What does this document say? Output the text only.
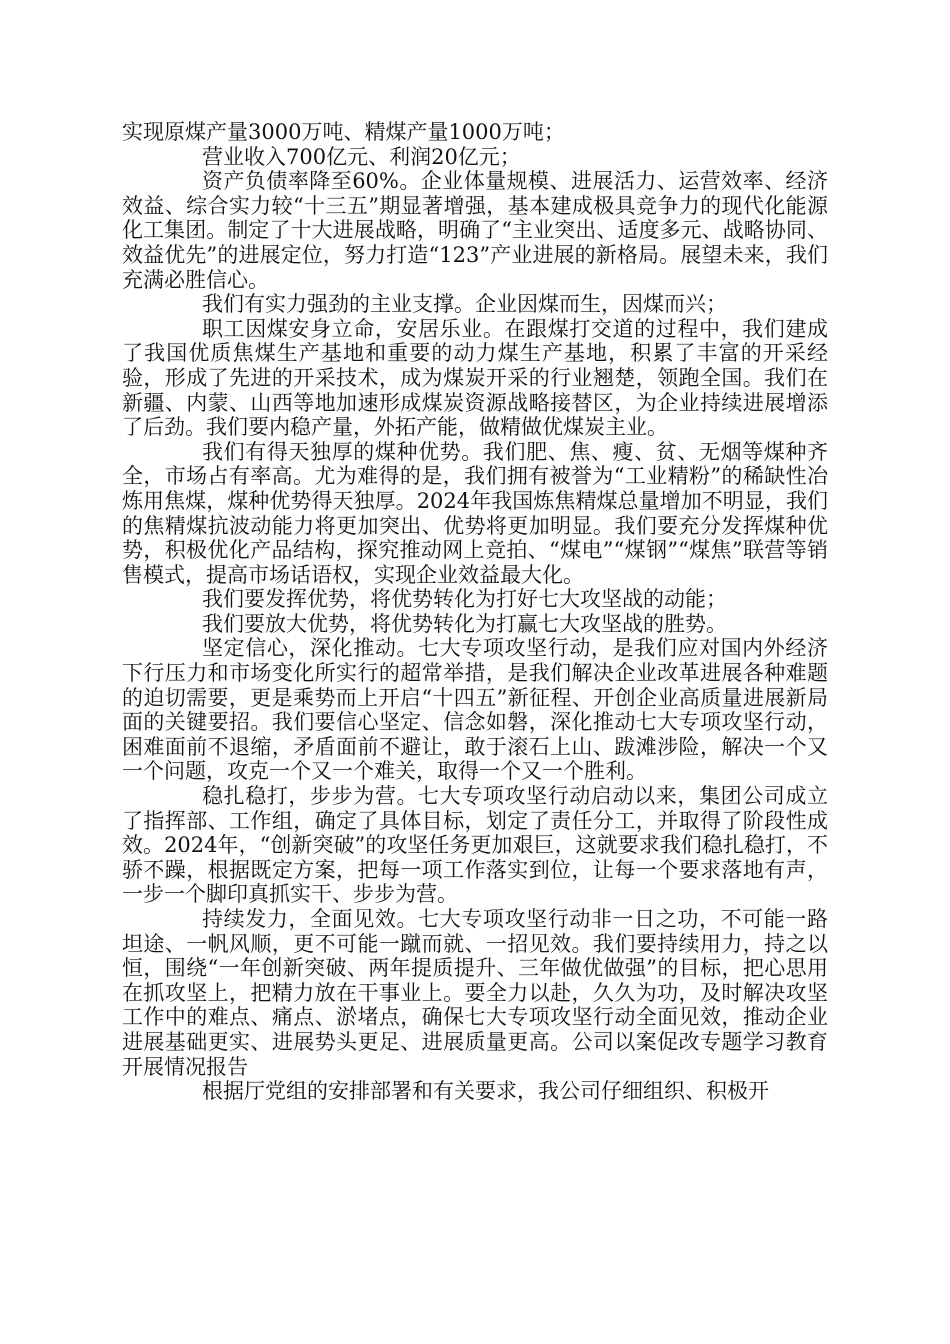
实现原煤产量3000万吨、精煤产量1000万吨；

营业收入700亿元、利润20亿元；

资产负债率降至60%。企业体量规模、进展活力、运营效率、经济效益、综合实力较“十三五”期显著增强，基本建成极具竞争力的现代化能源化工集团。制定了十大进展战略，明确了“主业突出、适度多元、战略协同、效益优先”的进展定位，努力打造“123”产业进展的新格局。展望未来，我们充满必胜信心。

我们有实力强劲的主业支撑。企业因煤而生，因煤而兴；

职工因煤安身立命，安居乐业。在跟煤打交道的过程中，我们建成了我国优质焦煤生产基地和重要的动力煤生产基地，积累了丰富的开采经验，形成了先进的开采技术，成为煤炭开采的行业翘楚，领跑全国。我们在新疆、内蒙、山西等地加速形成煤炭资源战略接替区，为企业持续进展增添了后劲。我们要内稳产量，外拓产能，做精做优煤炭主业。

我们有得天独厚的煤种优势。我们肥、焦、瘦、贫、无烟等煤种齐全，市场占有率高。尤为难得的是，我们拥有被誉为“工业精粉”的稀缺性冶炼用焦煤，煤种优势得天独厚。2024年我国炼焦精煤总量增加不明显，我们的焦精煤抗波动能力将更加突出、优势将更加明显。我们要充分发挥煤种优势，积极优化产品结构，探究推动网上竞拍、“煤电”“煤钢”“煤焦”联营等销售模式，提高市场话语权，实现企业效益最大化。

我们要发挥优势，将优势转化为打好七大攻坚战的动能；

我们要放大优势，将优势转化为打赢七大攻坚战的胜势。

坚定信心，深化推动。七大专项攻坚行动，是我们应对国内外经济下行压力和市场变化所实行的超常举措，是我们解决企业改革进展各种难题的迫切需要，更是乘势而上开启“十四五”新征程、开创企业高质量进展新局面的关键要招。我们要信心坚定、信念如磐，深化推动七大专项攻坚行动，困难面前不退缩，矛盾面前不避让，敢于滚石上山、跋滩涉险，解决一个又一个问题，攻克一个又一个难关，取得一个又一个胜利。

稳扎稳打，步步为营。七大专项攻坚行动启动以来，集团公司成立了指挥部、工作组，确定了具体目标，划定了责任分工，并取得了阶段性成效。2024年，“创新突破”的攻坚任务更加艰巨，这就要求我们稳扎稳打，不骄不躁，根据既定方案，把每一项工作落实到位，让每一个要求落地有声，一步一个脚印真抓实干、步步为营。

持续发力，全面见效。七大专项攻坚行动非一日之功，不可能一路坦途、一帆风顺，更不可能一蹴而就、一招见效。我们要持续用力，持之以恒，围绕“一年创新突破、两年提质提升、三年做优做强”的目标，把心思用在抓攻坚上，把精力放在干事业上。要全力以赴，久久为功，及时解决攻坚工作中的难点、痛点、淤堵点，确保七大专项攻坚行动全面见效，推动企业进展基础更实、进展势头更足、进展质量更高。公司以案促改专题学习教育开展情况报告

根据厅党组的安排部署和有关要求，我公司仔细组织、积极开
